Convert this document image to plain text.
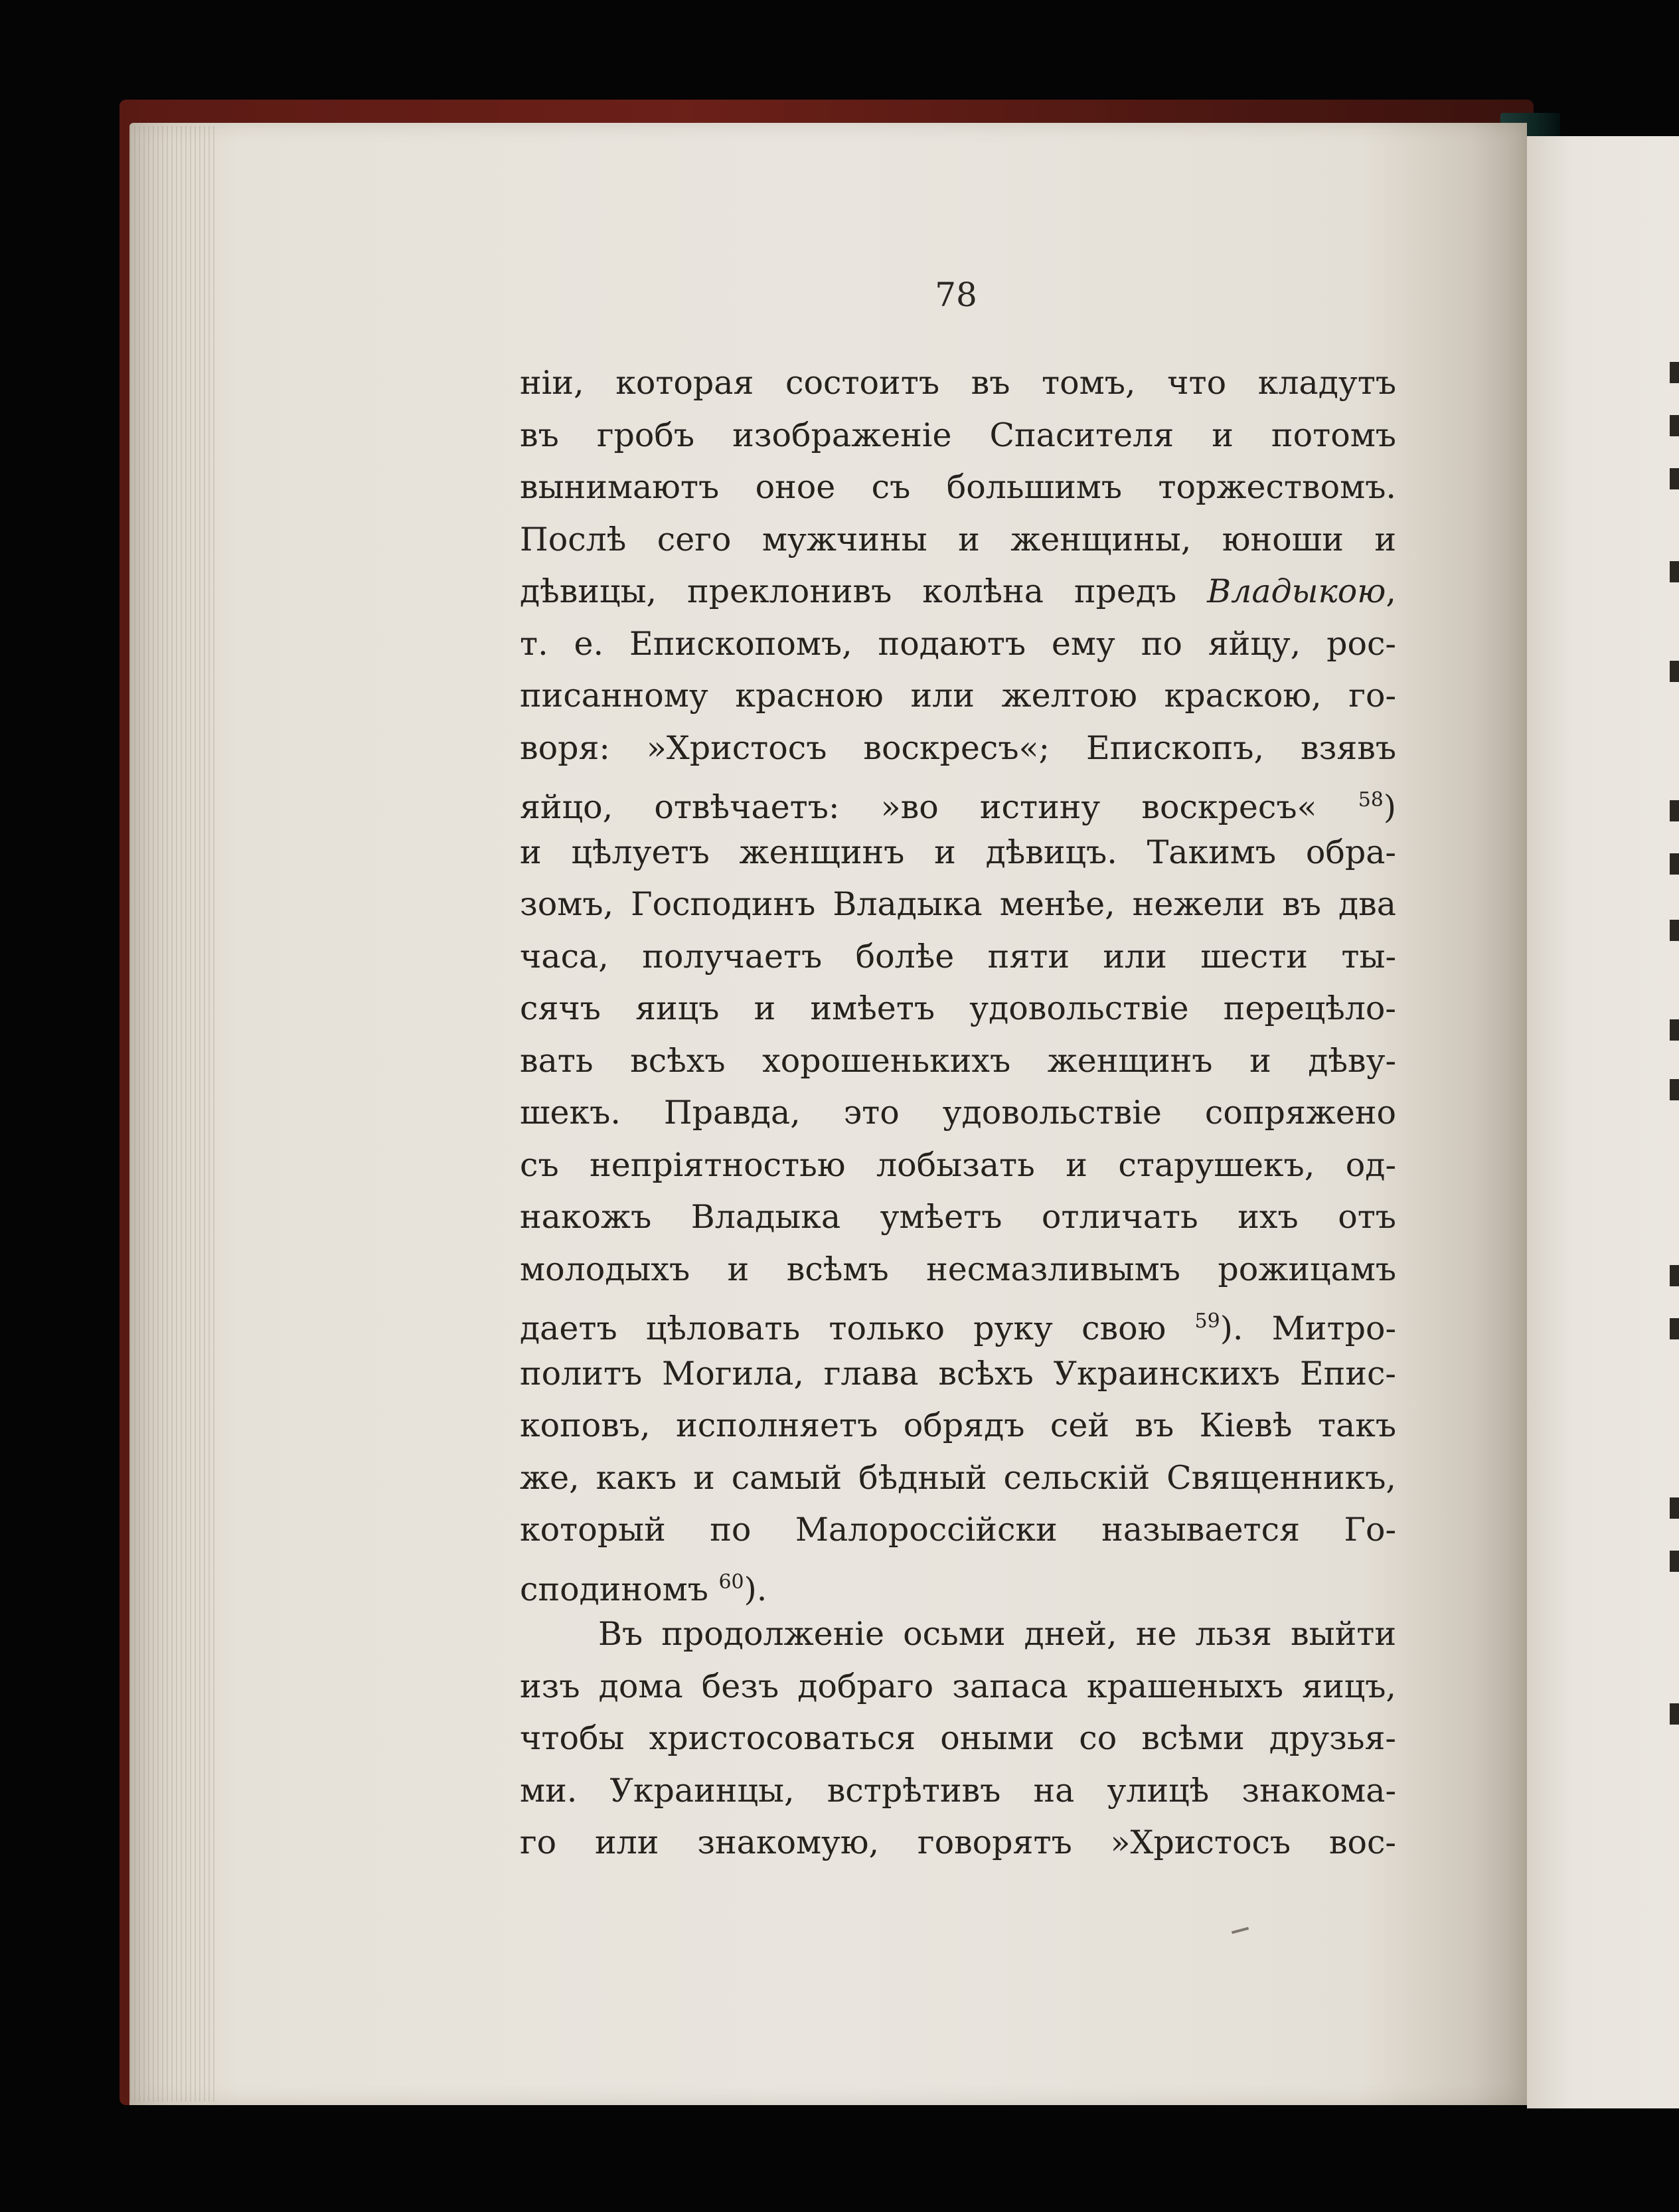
78
нiи, которая состоитъ въ томъ, что кладутъ
въ гробъ изображенiе Спасителя и потомъ
вынимаютъ оное съ большимъ торжествомъ.
Послѣ сего мужчины и женщины, юноши и
дѣвицы, преклонивъ колѣна предъ Владыкою,
т. е. Епископомъ, подаютъ ему по яйцу, рос-
писанному красною или желтою краскою, го-
воря: »Христосъ воскресъ«; Епископъ, взявъ
яйцо, отвѣчаетъ: »во истину воскресъ« $^{58}$)
и цѣлуетъ женщинъ и дѣвицъ. Такимъ обра-
зомъ, Господинъ Владыка менѣе, нежели въ два
часа, получаетъ болѣе пяти или шести ты-
сячъ яицъ и имѣетъ удовольствiе перецѣло-
вать всѣхъ хорошенькихъ женщинъ и дѣву-
шекъ. Правда, это удовольствiе сопряжено
съ непрiятностью лобызать и старушекъ, од-
накожъ Владыка умѣетъ отличать ихъ отъ
молодыхъ и всѣмъ несмазливымъ рожицамъ
даетъ цѣловать только руку свою $^{59}$). Митро-
политъ Могила, глава всѣхъ Украинскихъ Епис-
коповъ, исполняетъ обрядъ сей въ Кiевѣ такъ
же, какъ и самый бѣдный сельскiй Священникъ,
который по Малороссiйски называется Го-
сподиномъ $^{60}$).
Въ продолженiе осьми дней, не льзя выйти
изъ дома безъ добраго запаса крашеныхъ яицъ,
чтобы христосоваться оными со всѣми друзья-
ми. Украинцы, встрѣтивъ на улицѣ знакома-
го или знакомую, говорятъ »Христосъ вос-
